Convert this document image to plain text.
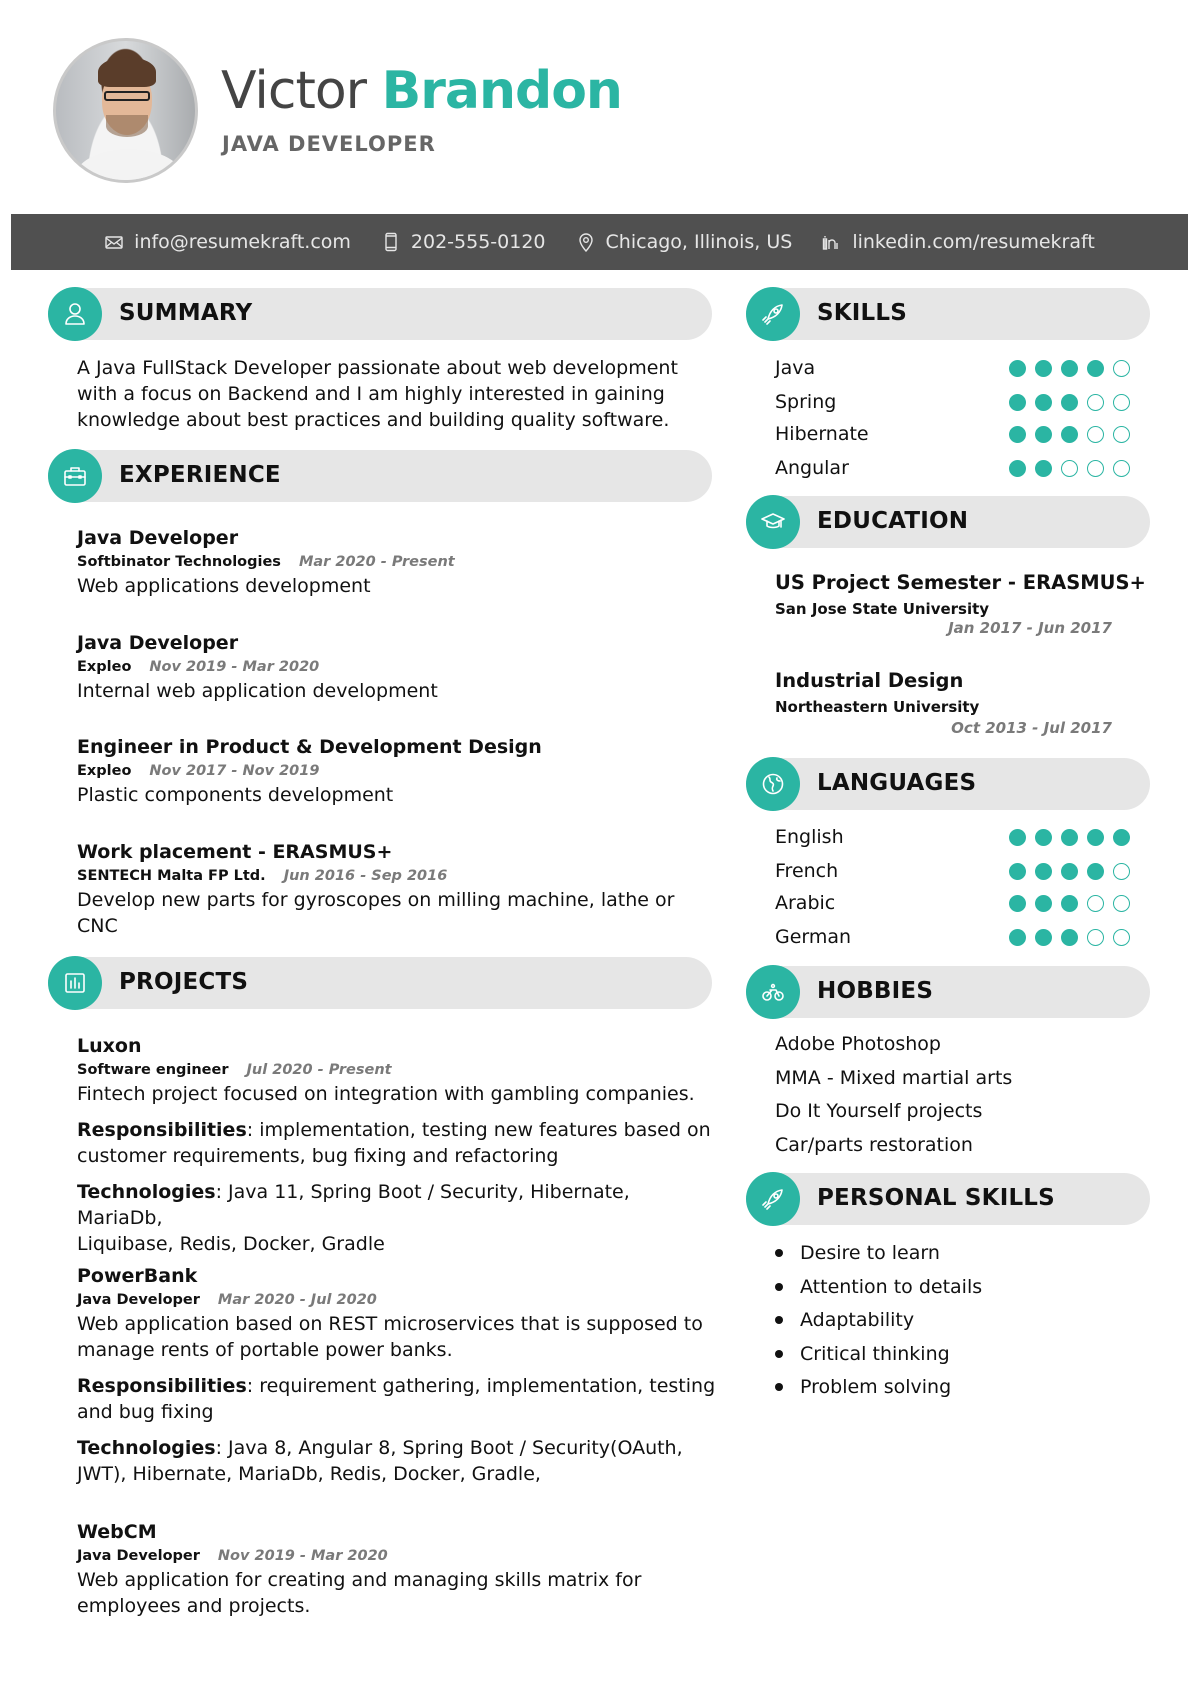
Victor Brandon
JAVA DEVELOPER
info@resumekraft.com	202-555-0120	Chicago, Illinois, US	linkedin.com/resumekraft
SUMMARY
A Java FullStack Developer passionate about web development
with a focus on Backend and I am highly interested in gaining
knowledge about best practices and building quality software.
EXPERIENCE
Java Developer
Softbinator Technologies Mar 2020 - Present
Web applications development
Java Developer
Expleo Nov 2019 - Mar 2020
Internal web application development
Engineer in Product & Development Design
Expleo Nov 2017 - Nov 2019
Plastic components development
Work placement - ERASMUS+
SENTECH Malta FP Ltd. Jun 2016 - Sep 2016
Develop new parts for gyroscopes on milling machine, lathe or
CNC
PROJECTS
Luxon
Software engineer Jul 2020 - Present
Fintech project focused on integration with gambling companies.
Responsibilities: implementation, testing new features based on
customer requirements, bug fixing and refactoring
Technologies: Java 11, Spring Boot / Security, Hibernate, MariaDb,
Liquibase, Redis, Docker, Gradle
PowerBank
Java Developer Mar 2020 - Jul 2020
Web application based on REST microservices that is supposed to
manage rents of portable power banks.
Responsibilities: requirement gathering, implementation, testing
and bug fixing
Technologies: Java 8, Angular 8, Spring Boot / Security(OAuth,
JWT), Hibernate, MariaDb, Redis, Docker, Gradle,
WebCM
Java Developer Nov 2019 - Mar 2020
Web application for creating and managing skills matrix for
employees and projects.
SKILLS
Java
Spring
Hibernate
Angular
EDUCATION
US Project Semester - ERASMUS+
San Jose State University
Jan 2017 - Jun 2017
Industrial Design
Northeastern University
Oct 2013 - Jul 2017
LANGUAGES
English
French
Arabic
German
HOBBIES
Adobe Photoshop
MMA - Mixed martial arts
Do It Yourself projects
Car/parts restoration
PERSONAL SKILLS
Desire to learn
Attention to details
Adaptability
Critical thinking
Problem solving
